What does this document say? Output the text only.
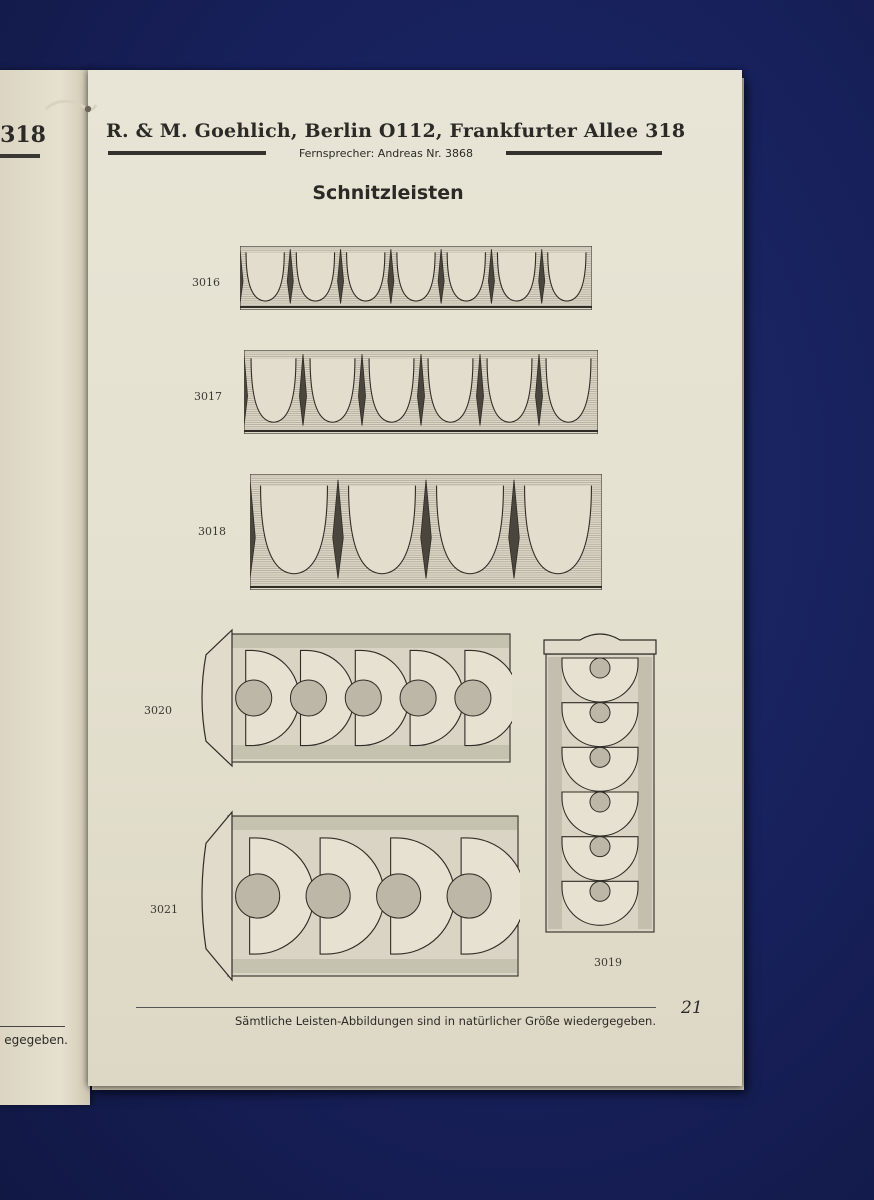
318
egegeben.
R. & M. Goehlich, Berlin O112, Frankfurter Allee 318
Fernsprecher: Andreas Nr. 3868
Schnitzleisten
3016
3017
3018
3020
3021
3019
Sämtliche Leisten-Abbildungen sind in natürlicher Größe wiedergegeben.
21
